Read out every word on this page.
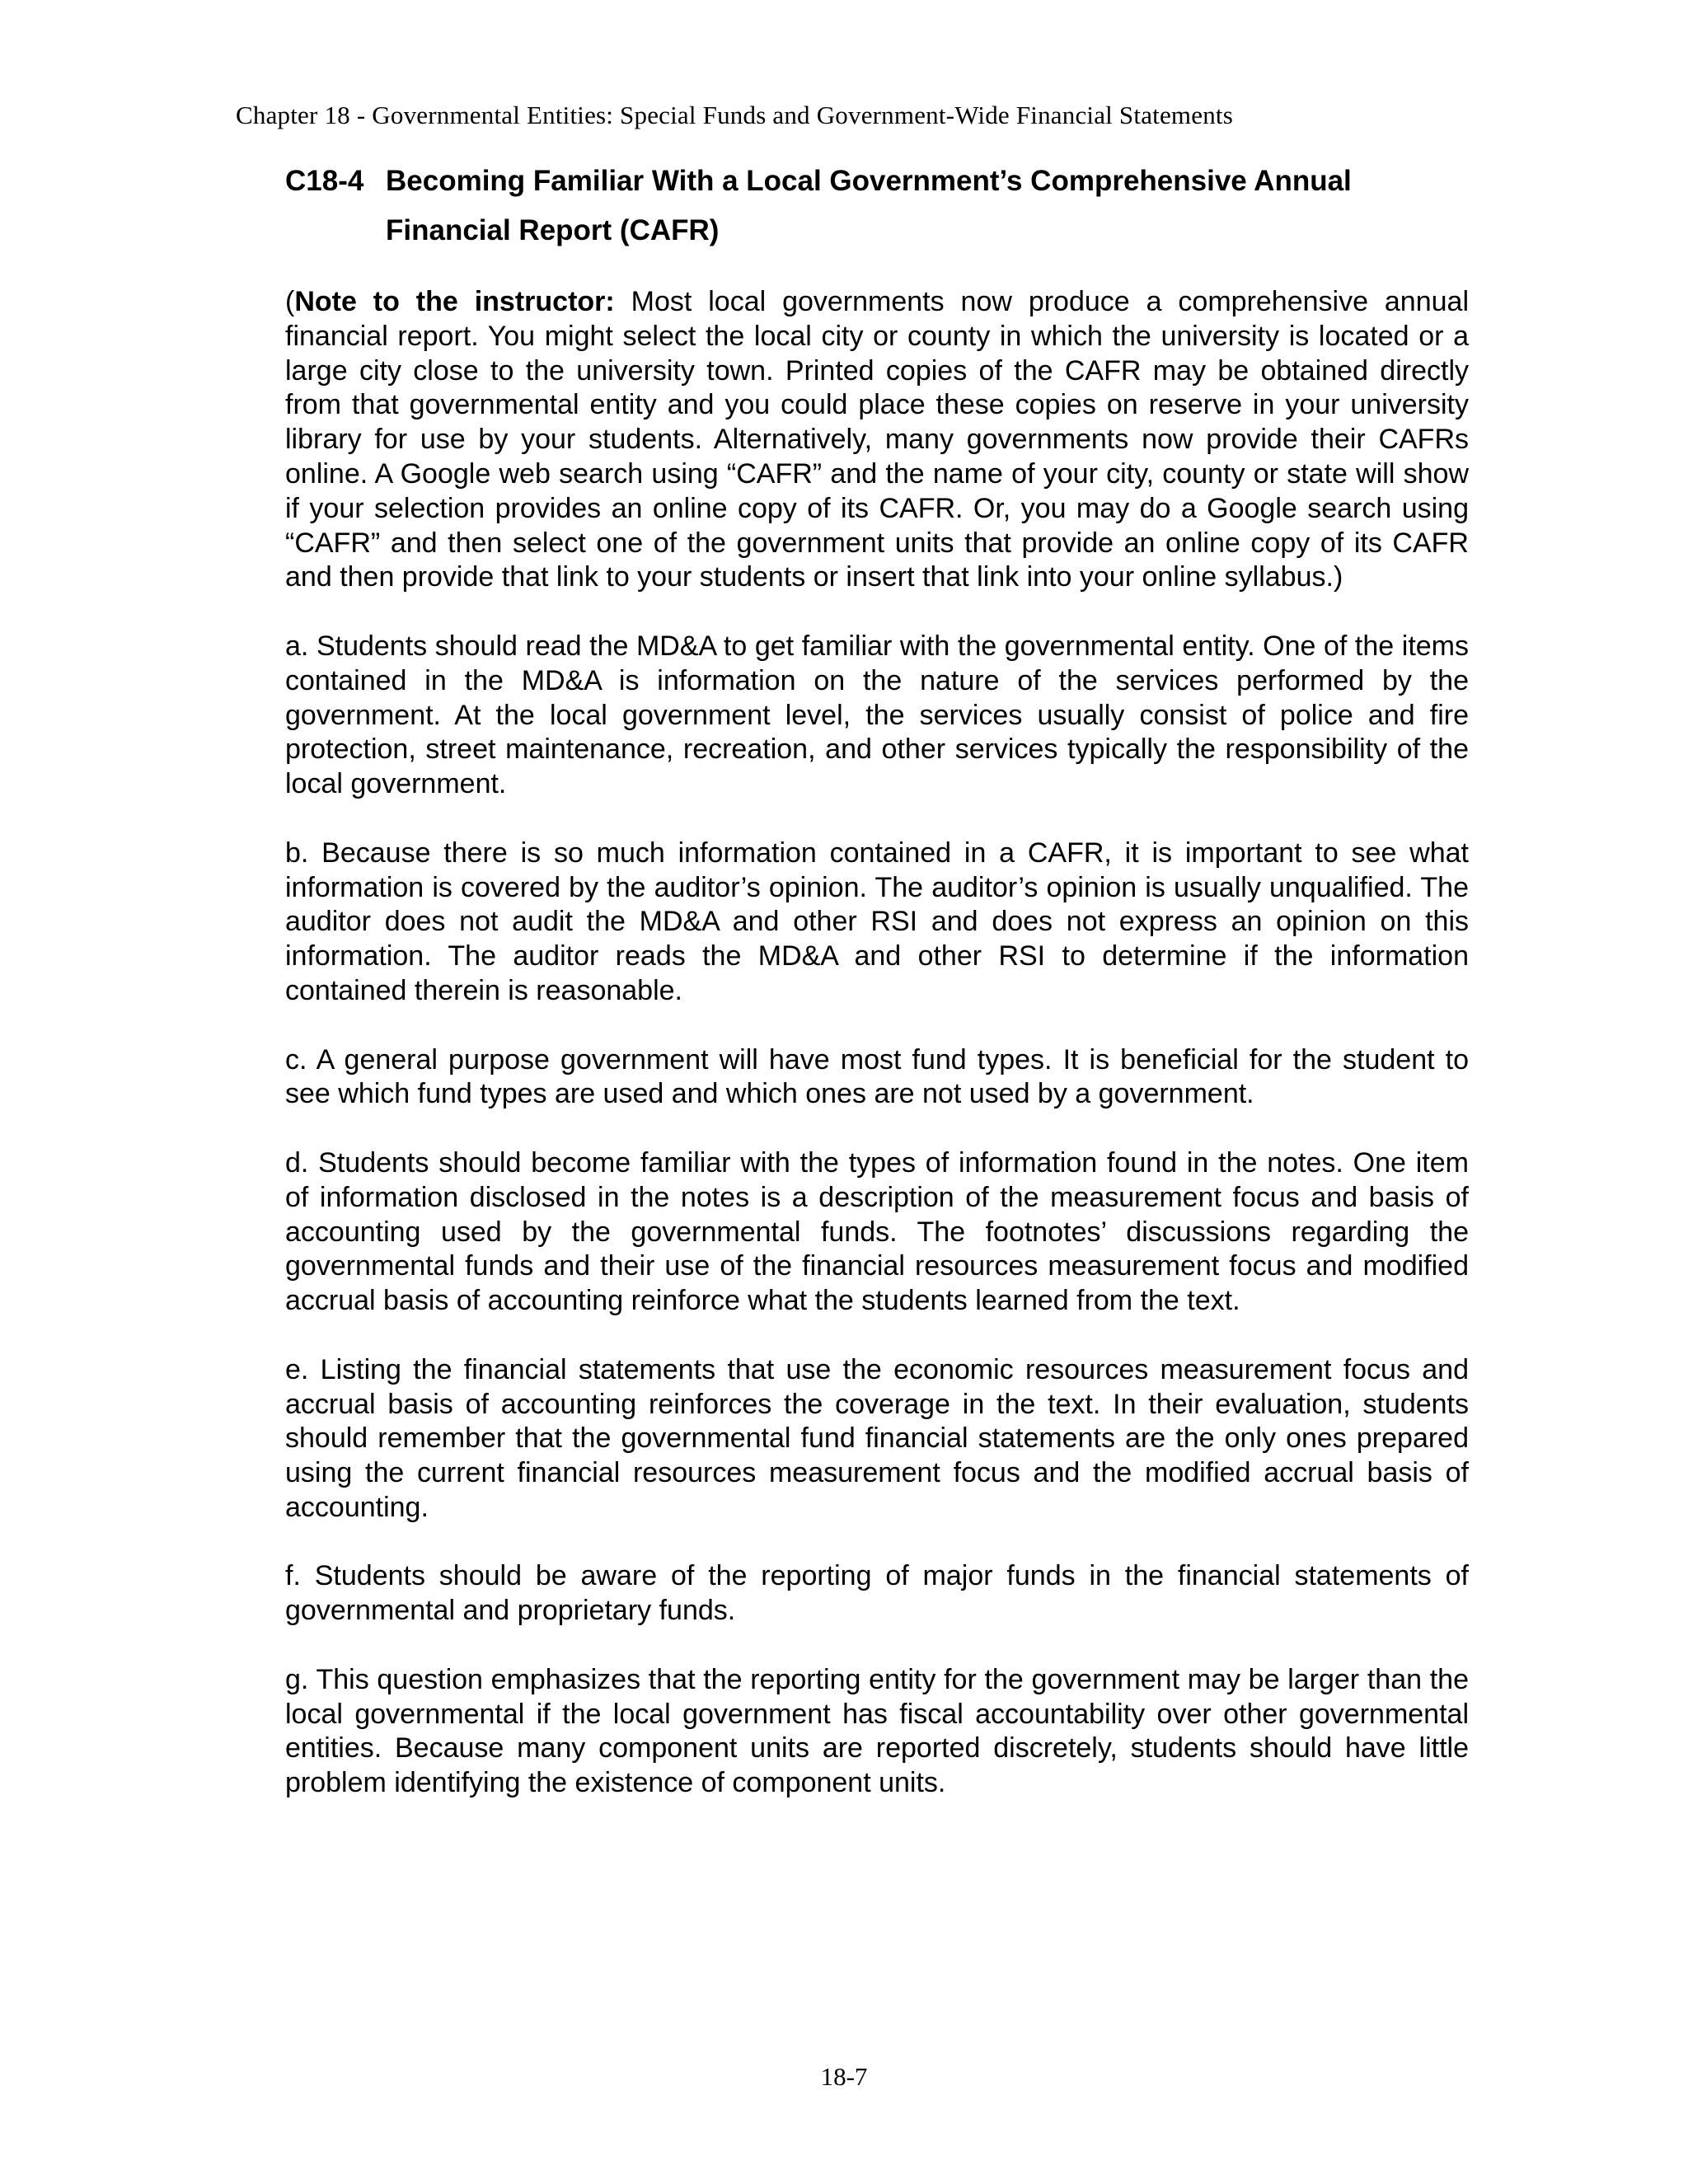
Chapter 18 - Governmental Entities: Special Funds and Government-Wide Financial Statements
C18-4 Becoming Familiar With a Local Government’s Comprehensive Annual
Financial Report (CAFR)

(Note to the instructor: Most local governments now produce a comprehensive annual financial report. You might select the local city or county in which the university is located or a large city close to the university town. Printed copies of the CAFR may be obtained directly from that governmental entity and you could place these copies on reserve in your university library for use by your students. Alternatively, many governments now provide their CAFRs online. A Google web search using “CAFR” and the name of your city, county or state will show if your selection provides an online copy of its CAFR. Or, you may do a Google search using “CAFR” and then select one of the government units that provide an online copy of its CAFR and then provide that link to your students or insert that link into your online syllabus.)

a. Students should read the MD&A to get familiar with the governmental entity. One of the items contained in the MD&A is information on the nature of the services performed by the government. At the local government level, the services usually consist of police and fire protection, street maintenance, recreation, and other services typically the responsibility of the local government.

b. Because there is so much information contained in a CAFR, it is important to see what information is covered by the auditor’s opinion. The auditor’s opinion is usually unqualified. The auditor does not audit the MD&A and other RSI and does not express an opinion on this information. The auditor reads the MD&A and other RSI to determine if the information contained therein is reasonable.

c. A general purpose government will have most fund types. It is beneficial for the student to see which fund types are used and which ones are not used by a government.

d. Students should become familiar with the types of information found in the notes. One item of information disclosed in the notes is a description of the measurement focus and basis of accounting used by the governmental funds. The footnotes’ discussions regarding the governmental funds and their use of the financial resources measurement focus and modified accrual basis of accounting reinforce what the students learned from the text.

e. Listing the financial statements that use the economic resources measurement focus and accrual basis of accounting reinforces the coverage in the text. In their evaluation, students should remember that the governmental fund financial statements are the only ones prepared using the current financial resources measurement focus and the modified accrual basis of accounting.

f. Students should be aware of the reporting of major funds in the financial statements of governmental and proprietary funds.

g. This question emphasizes that the reporting entity for the government may be larger than the local governmental if the local government has fiscal accountability over other governmental entities. Because many component units are reported discretely, students should have little problem identifying the existence of component units.

18-7
